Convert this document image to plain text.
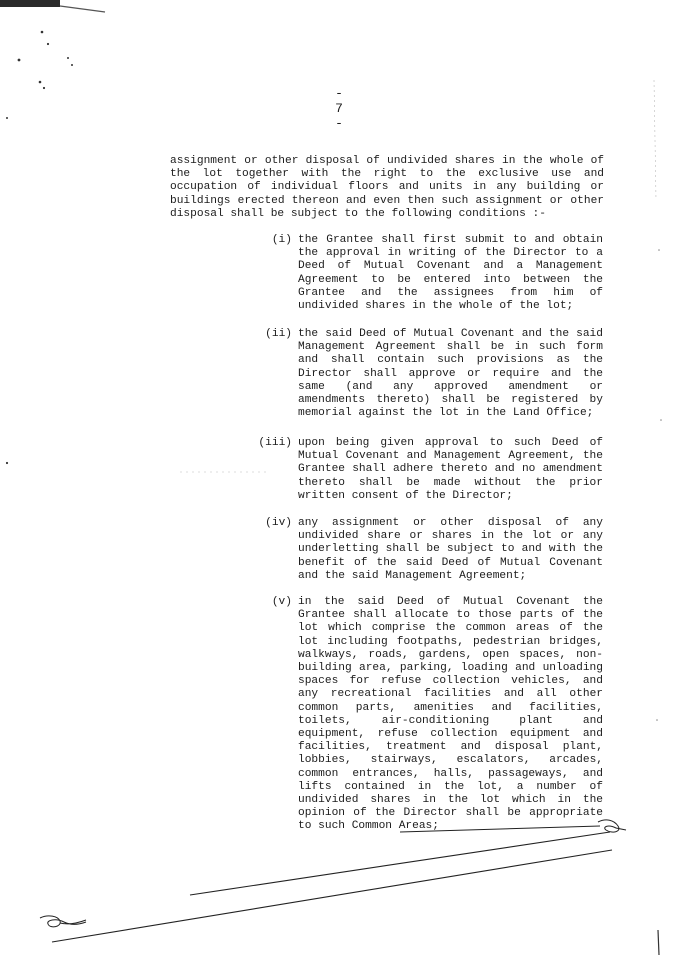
-     7     -
assignment or other disposal of undivided shares in the whole of the lot together with the right to the exclusive use and occupation of individual floors and units in any building or buildings erected thereon and even then such assignment or other disposal shall be subject to the following conditions :-
(i) the Grantee shall first submit to and obtain the approval in writing of the Director to a Deed of Mutual Covenant and a Management Agreement to be entered into between the Grantee and the assignees from him of undivided shares in the whole of the lot;
(ii) the said Deed of Mutual Covenant and the said Management Agreement shall be in such form and shall contain such provisions as the Director shall approve or require and the same (and any approved amendment or amendments thereto) shall be registered by memorial against the lot in the Land Office;
(iii) upon being given approval to such Deed of Mutual Covenant and Management Agreement, the Grantee shall adhere thereto and no amendment thereto shall be made without the prior written consent of the Director;
(iv) any assignment or other disposal of any undivided share or shares in the lot or any underletting shall be subject to and with the benefit of the said Deed of Mutual Covenant and the said Management Agreement;
(v) in the said Deed of Mutual Covenant the Grantee shall allocate to those parts of the lot which comprise the common areas of the lot including footpaths, pedestrian bridges, walkways, roads, gardens, open spaces, non-building area, parking, loading and unloading spaces for refuse collection vehicles, and any recreational facilities and all other common parts, amenities and facilities, toilets, air-conditioning plant and equipment, refuse collection equipment and facilities, treatment and disposal plant, lobbies, stairways, escalators, arcades, common entrances, halls, passageways, and lifts contained in the lot, a number of undivided shares in the lot which in the opinion of the Director shall be appropriate to such Common Areas;
